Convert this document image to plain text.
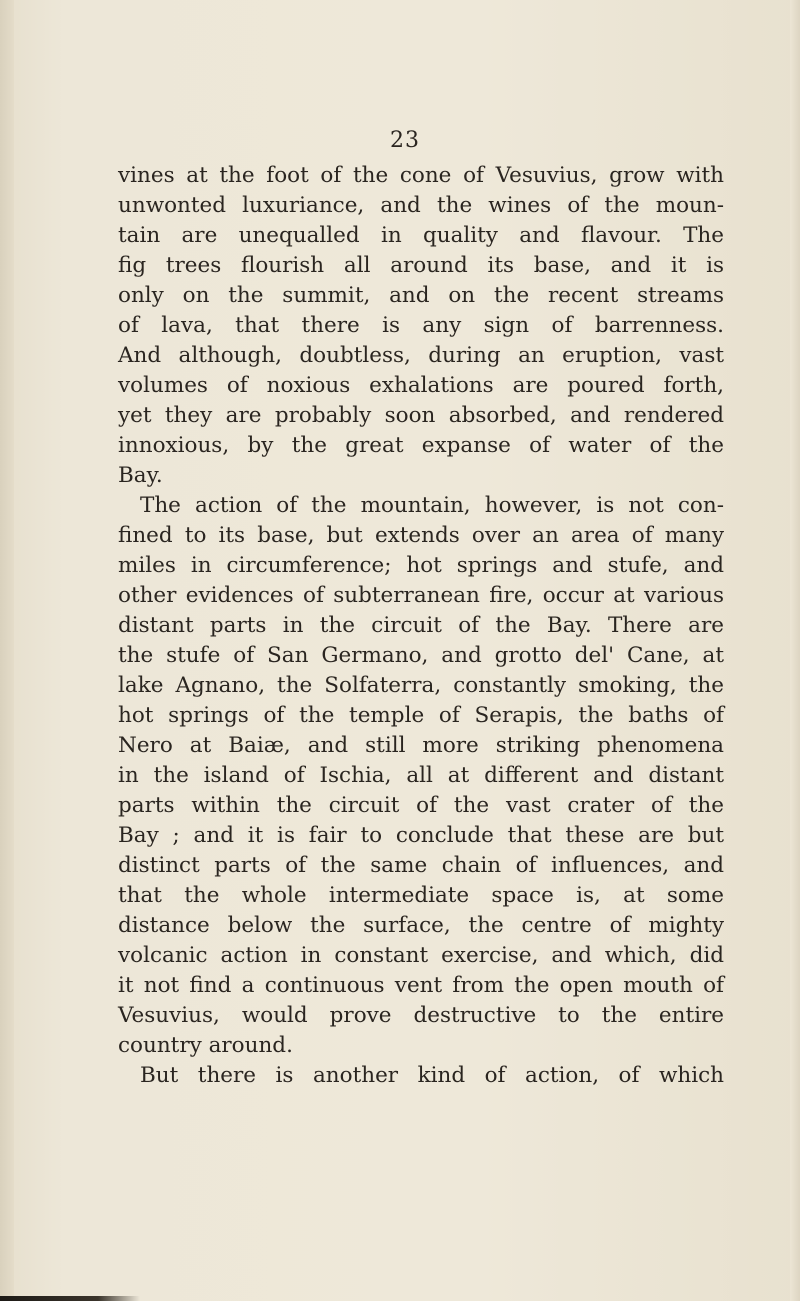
23
vines at the foot of the cone of Vesuvius, grow with
unwonted luxuriance, and the wines of the moun-
tain are unequalled in quality and flavour. The
fig trees flourish all around its base, and it is
only on the summit, and on the recent streams
of lava, that there is any sign of barrenness.
And although, doubtless, during an eruption, vast
volumes of noxious exhalations are poured forth,
yet they are probably soon absorbed, and rendered
innoxious, by the great expanse of water of the
Bay.
The action of the mountain, however, is not con-
fined to its base, but extends over an area of many
miles in circumference; hot springs and stufe, and
other evidences of subterranean fire, occur at various
distant parts in the circuit of the Bay. There are
the stufe of San Germano, and grotto del' Cane, at
lake Agnano, the Solfaterra, constantly smoking, the
hot springs of the temple of Serapis, the baths of
Nero at Baiæ, and still more striking phenomena
in the island of Ischia, all at different and distant
parts within the circuit of the vast crater of the
Bay ; and it is fair to conclude that these are but
distinct parts of the same chain of influences, and
that the whole intermediate space is, at some
distance below the surface, the centre of mighty
volcanic action in constant exercise, and which, did
it not find a continuous vent from the open mouth of
Vesuvius, would prove destructive to the entire
country around.
But there is another kind of action, of which
